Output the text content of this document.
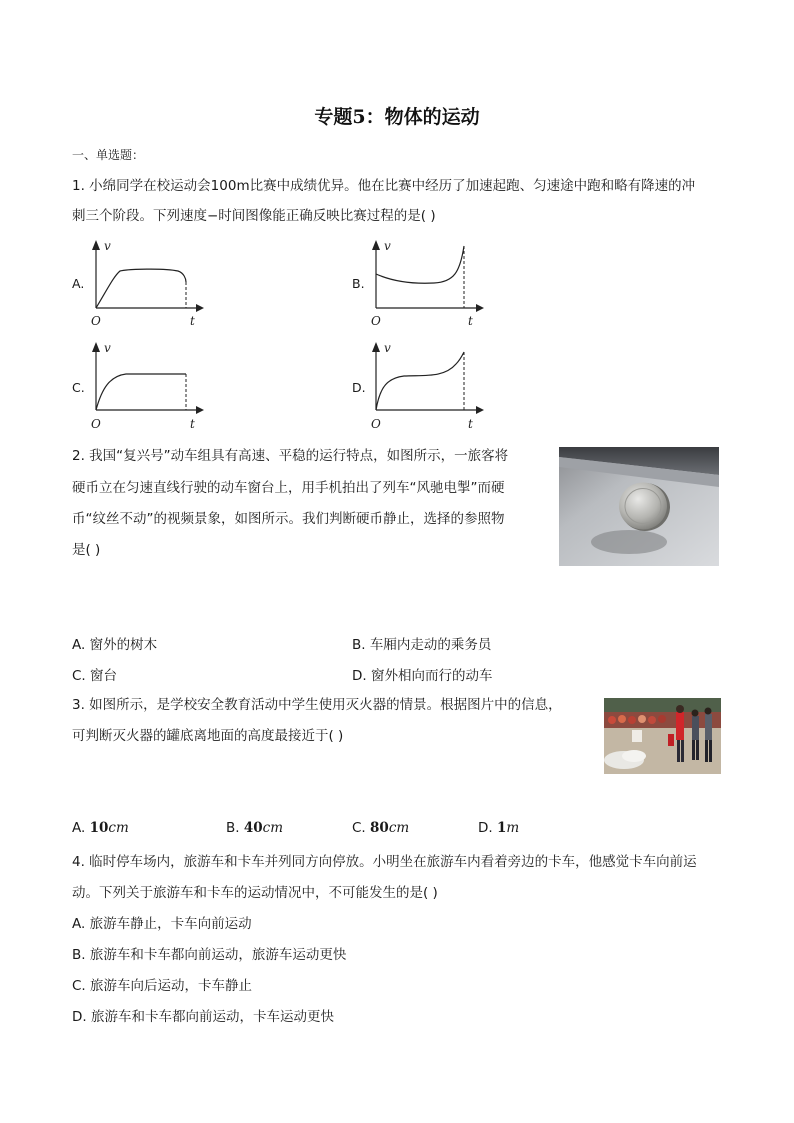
专题5：物体的运动
一、单选题：
1. 小绵同学在校运动会100m比赛中成绩优异。他在比赛中经历了加速起跑、匀速途中跑和略有降速的冲
刺三个阶段。下列速度−时间图像能正确反映比赛过程的是( )
A.
v
t
O
B.
v
t
O
C.
v
t
O
D.
v
t
O
2. 我国“复兴号”动车组具有高速、平稳的运行特点，如图所示，一旅客将
硬币立在匀速直线行驶的动车窗台上，用手机拍出了列车“风驰电掣”而硬
币“纹丝不动”的视频景象，如图所示。我们判断硬币静止，选择的参照物
是( )
A. 窗外的树木	B. 车厢内走动的乘务员
C. 窗台	D. 窗外相向而行的动车
3. 如图所示，是学校安全教育活动中学生使用灭火器的情景。根据图片中的信息，
可判断灭火器的罐底离地面的高度最接近于( )
A. 10cm	B. 40cm	C. 80cm	D. 1m
4. 临时停车场内，旅游车和卡车并列同方向停放。小明坐在旅游车内看着旁边的卡车，他感觉卡车向前运
动。下列关于旅游车和卡车的运动情况中，不可能发生的是( )
A. 旅游车静止，卡车向前运动
B. 旅游车和卡车都向前运动，旅游车运动更快
C. 旅游车向后运动，卡车静止
D. 旅游车和卡车都向前运动，卡车运动更快
